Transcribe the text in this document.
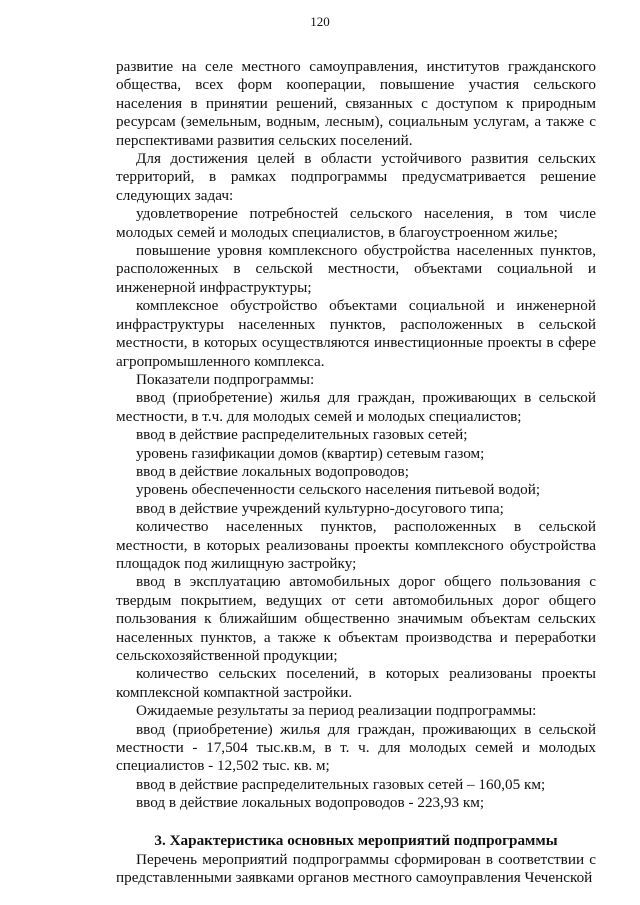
120

развитие на селе местного самоуправления, институтов гражданского общества, всех форм кооперации, повышение участия сельского населения в принятии решений, связанных с доступом к природным ресурсам (земельным, водным, лесным), социальным услугам, а также с перспективами развития сельских поселений.

Для достижения целей в области устойчивого развития сельских территорий, в рамках подпрограммы предусматривается решение следующих задач:

удовлетворение потребностей сельского населения, в том числе молодых семей и молодых специалистов, в благоустроенном жилье;

повышение уровня комплексного обустройства населенных пунктов, расположенных в сельской местности, объектами социальной и инженерной инфраструктуры;

комплексное обустройство объектами социальной и инженерной инфраструктуры населенных пунктов, расположенных в сельской местности, в которых осуществляются инвестиционные проекты в сфере агропромышленного комплекса.

Показатели подпрограммы:

ввод (приобретение) жилья для граждан, проживающих в сельской местности, в т.ч. для молодых семей и молодых специалистов;

ввод в действие распределительных газовых сетей;

уровень газификации домов (квартир) сетевым газом;

ввод в действие локальных водопроводов;

уровень обеспеченности сельского населения питьевой водой;

ввод в действие учреждений культурно-досугового типа;

количество населенных пунктов, расположенных в сельской местности, в которых реализованы проекты комплексного обустройства площадок под жилищную застройку;

ввод в эксплуатацию автомобильных дорог общего пользования с твердым покрытием, ведущих от сети автомобильных дорог общего пользования к ближайшим общественно значимым объектам сельских населенных пунктов, а также к объектам производства и переработки сельскохозяйственной продукции;

количество сельских поселений, в которых реализованы проекты комплексной компактной застройки.

Ожидаемые результаты за период реализации подпрограммы:

ввод (приобретение) жилья для граждан, проживающих в сельской местности - 17,504 тыс.кв.м, в т. ч. для молодых семей и молодых специалистов - 12,502 тыс. кв. м;

ввод в действие распределительных газовых сетей – 160,05 км;

ввод в действие локальных водопроводов - 223,93 км;

3. Характеристика основных мероприятий подпрограммы

Перечень мероприятий подпрограммы сформирован в соответствии с представленными заявками органов местного самоуправления Чеченской
